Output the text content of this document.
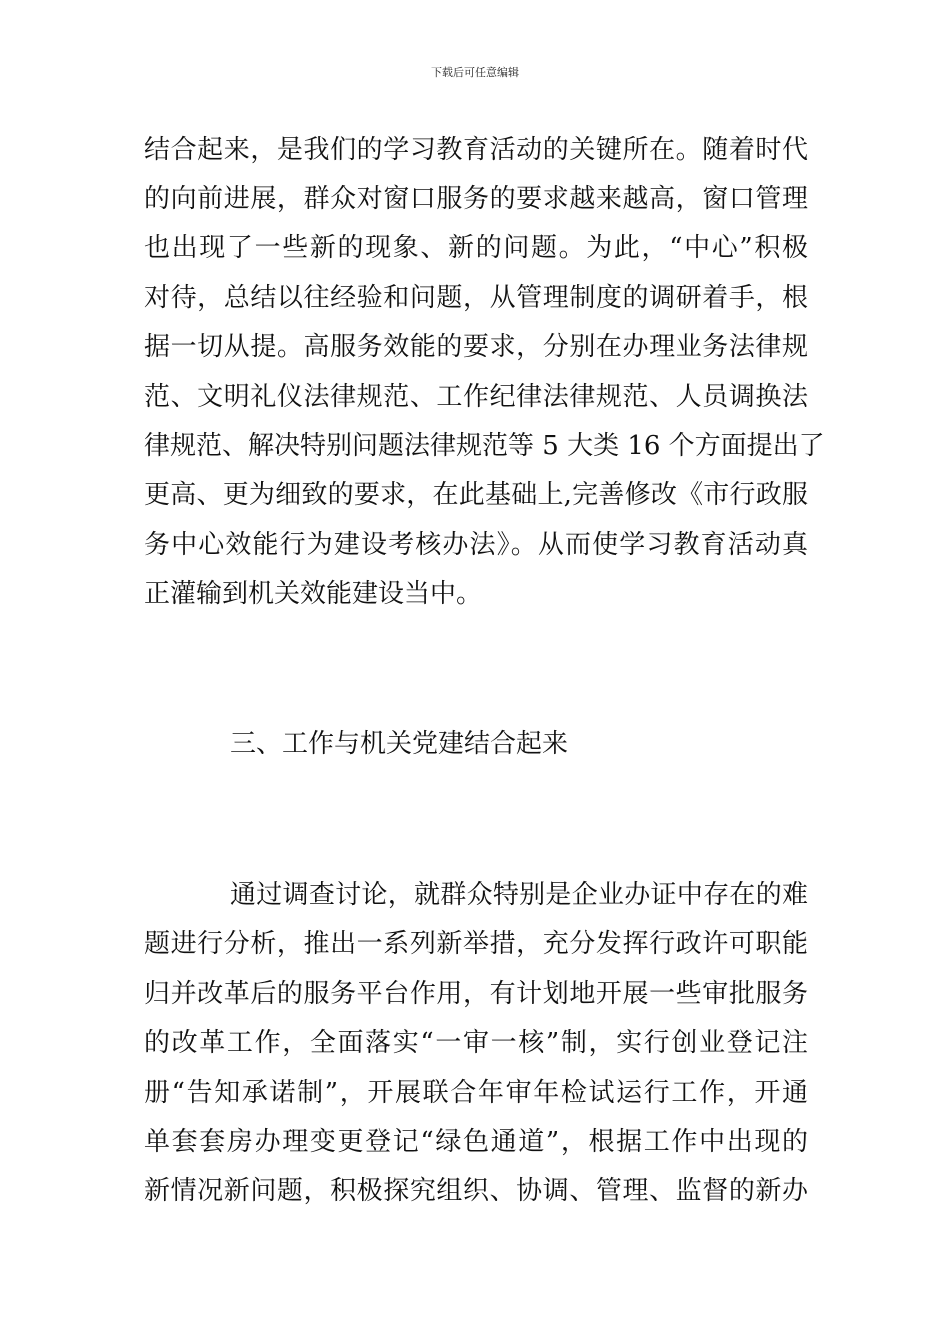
下载后可任意编辑
结合起来，是我们的学习教育活动的关键所在。随着时代
的向前进展，群众对窗口服务的要求越来越高，窗口管理
也出现了一些新的现象、新的问题。为此，“中心”积极
对待，总结以往经验和问题，从管理制度的调研着手，根
据一切从提。高服务效能的要求，分别在办理业务法律规
范、文明礼仪法律规范、工作纪律法律规范、人员调换法
律规范、解决特别问题法律规范等 5 大类 16 个方面提出了
更高、更为细致的要求，在此基础上,完善修改《市行政服
务中心效能行为建设考核办法》。从而使学习教育活动真
正灌输到机关效能建设当中。
三、工作与机关党建结合起来
通过调查讨论，就群众特别是企业办证中存在的难
题进行分析，推出一系列新举措，充分发挥行政许可职能
归并改革后的服务平台作用，有计划地开展一些审批服务
的改革工作，全面落实“一审一核”制，实行创业登记注
册“告知承诺制”，开展联合年审年检试运行工作，开通
单套套房办理变更登记“绿色通道”，根据工作中出现的
新情况新问题，积极探究组织、协调、管理、监督的新办
